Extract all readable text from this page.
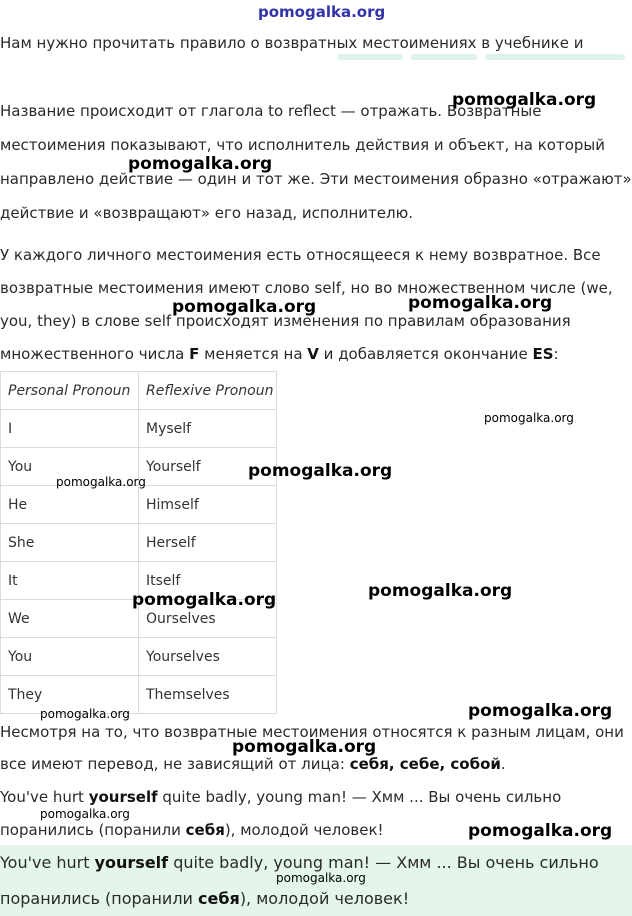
pomogalka.org
Нам нужно прочитать правило о возвратных местоимениях в учебнике и
Название происходит от глагола to reflect — отражать. Возвратные
местоимения показывают, что исполнитель действия и объект, на который
направлено действие — один и тот же. Эти местоимения образно «отражают»
действие и «возвращают» его назад, исполнителю.
У каждого личного местоимения есть относящееся к нему возвратное. Все
возвратные местоимения имеют слово self, но во множественном числе (we,
you, they) в слове self происходят изменения по правилам образования
множественного числа F меняется на V и добавляется окончание ES:
Personal Pronoun	Reflexive Pronoun
I	Myself
You	Yourself
He	Himself
She	Herself
It	Itself
We	Ourselves
You	Yourselves
They	Themselves
Несмотря на то, что возвратные местоимения относятся к разным лицам, они
все имеют перевод, не зависящий от лица: себя, себе, собой.
You've hurt yourself quite badly, young man! — Хмм ... Вы очень сильно
поранились (поранили себя), молодой человек!
You've hurt yourself quite badly, young man! — Хмм ... Вы очень сильно
поранились (поранили себя), молодой человек!
pomogalka.org
pomogalka.org
pomogalka.org	pomogalka.org
pomogalka.org
pomogalka.org
pomogalka.org
pomogalka.org
pomogalka.org
pomogalka.org	pomogalka.org
pomogalka.org
pomogalka.org
pomogalka.org
pomogalka.org
